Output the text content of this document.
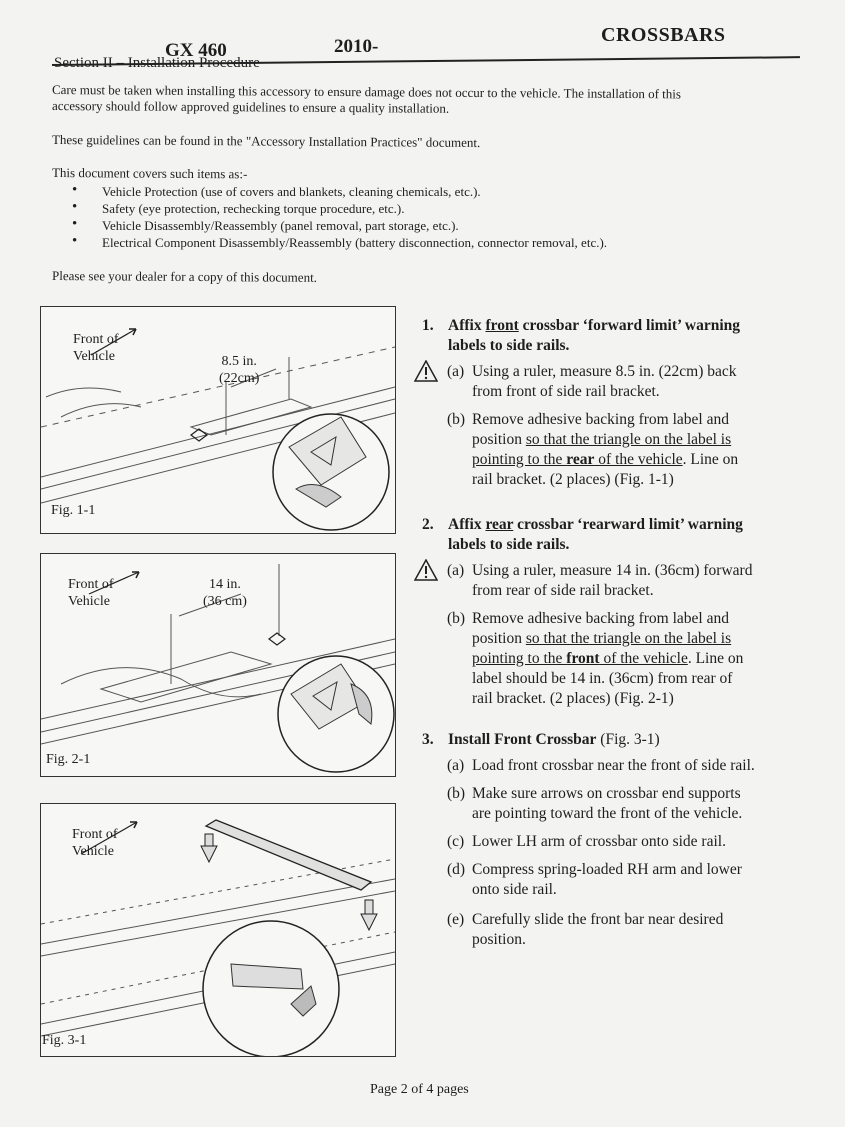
GX 460	2010-
CROSSBARS
Care must be taken when installing this accessory to ensure damage does not occur to the vehicle. The installation of this
accessory should follow approved guidelines to ensure a quality installation.
These guidelines can be found in the "Accessory Installation Practices" document.
This document covers such items as:-
• Vehicle Protection (use of covers and blankets, cleaning chemicals, etc.).
• Safety (eye protection, rechecking torque procedure, etc.).
• Vehicle Disassembly/Reassembly (panel removal, part storage, etc.).
• Electrical Component Disassembly/Reassembly (battery disconnection, connector removal, etc.).
Please see your dealer for a copy of this document.
Front of
Vehicle	8.5 in.
(22cm)
Fig. 1-1
Front of
Vehicle
14 in.
(36 cm)
Fig. 2-1
Front of
Vehicle
Fig. 3-1
1. Affix front crossbar ‘forward limit’ warning
labels to side rails.
(a) Using a ruler, measure 8.5 in. (22cm) back
from front of side rail bracket.
(b) Remove adhesive backing from label and
position so that the triangle on the label is
pointing to the rear of the vehicle. Line on
rail bracket. (2 places) (Fig. 1-1)
2. Affix rear crossbar ‘rearward limit’ warning
labels to side rails.
(a) Using a ruler, measure 14 in. (36cm) forward
from rear of side rail bracket.
(b) Remove adhesive backing from label and
position so that the triangle on the label is
pointing to the front of the vehicle. Line on
label should be 14 in. (36cm) from rear of
rail bracket. (2 places) (Fig. 2-1)
3. Install Front Crossbar (Fig. 3-1)
(a) Load front crossbar near the front of side rail.
(b) Make sure arrows on crossbar end supports
are pointing toward the front of the vehicle.
(c) Lower LH arm of crossbar onto side rail.
(d) Compress spring-loaded RH arm and lower
onto side rail.
(e) Carefully slide the front bar near desired
position.
Page 2 of 4 pages
